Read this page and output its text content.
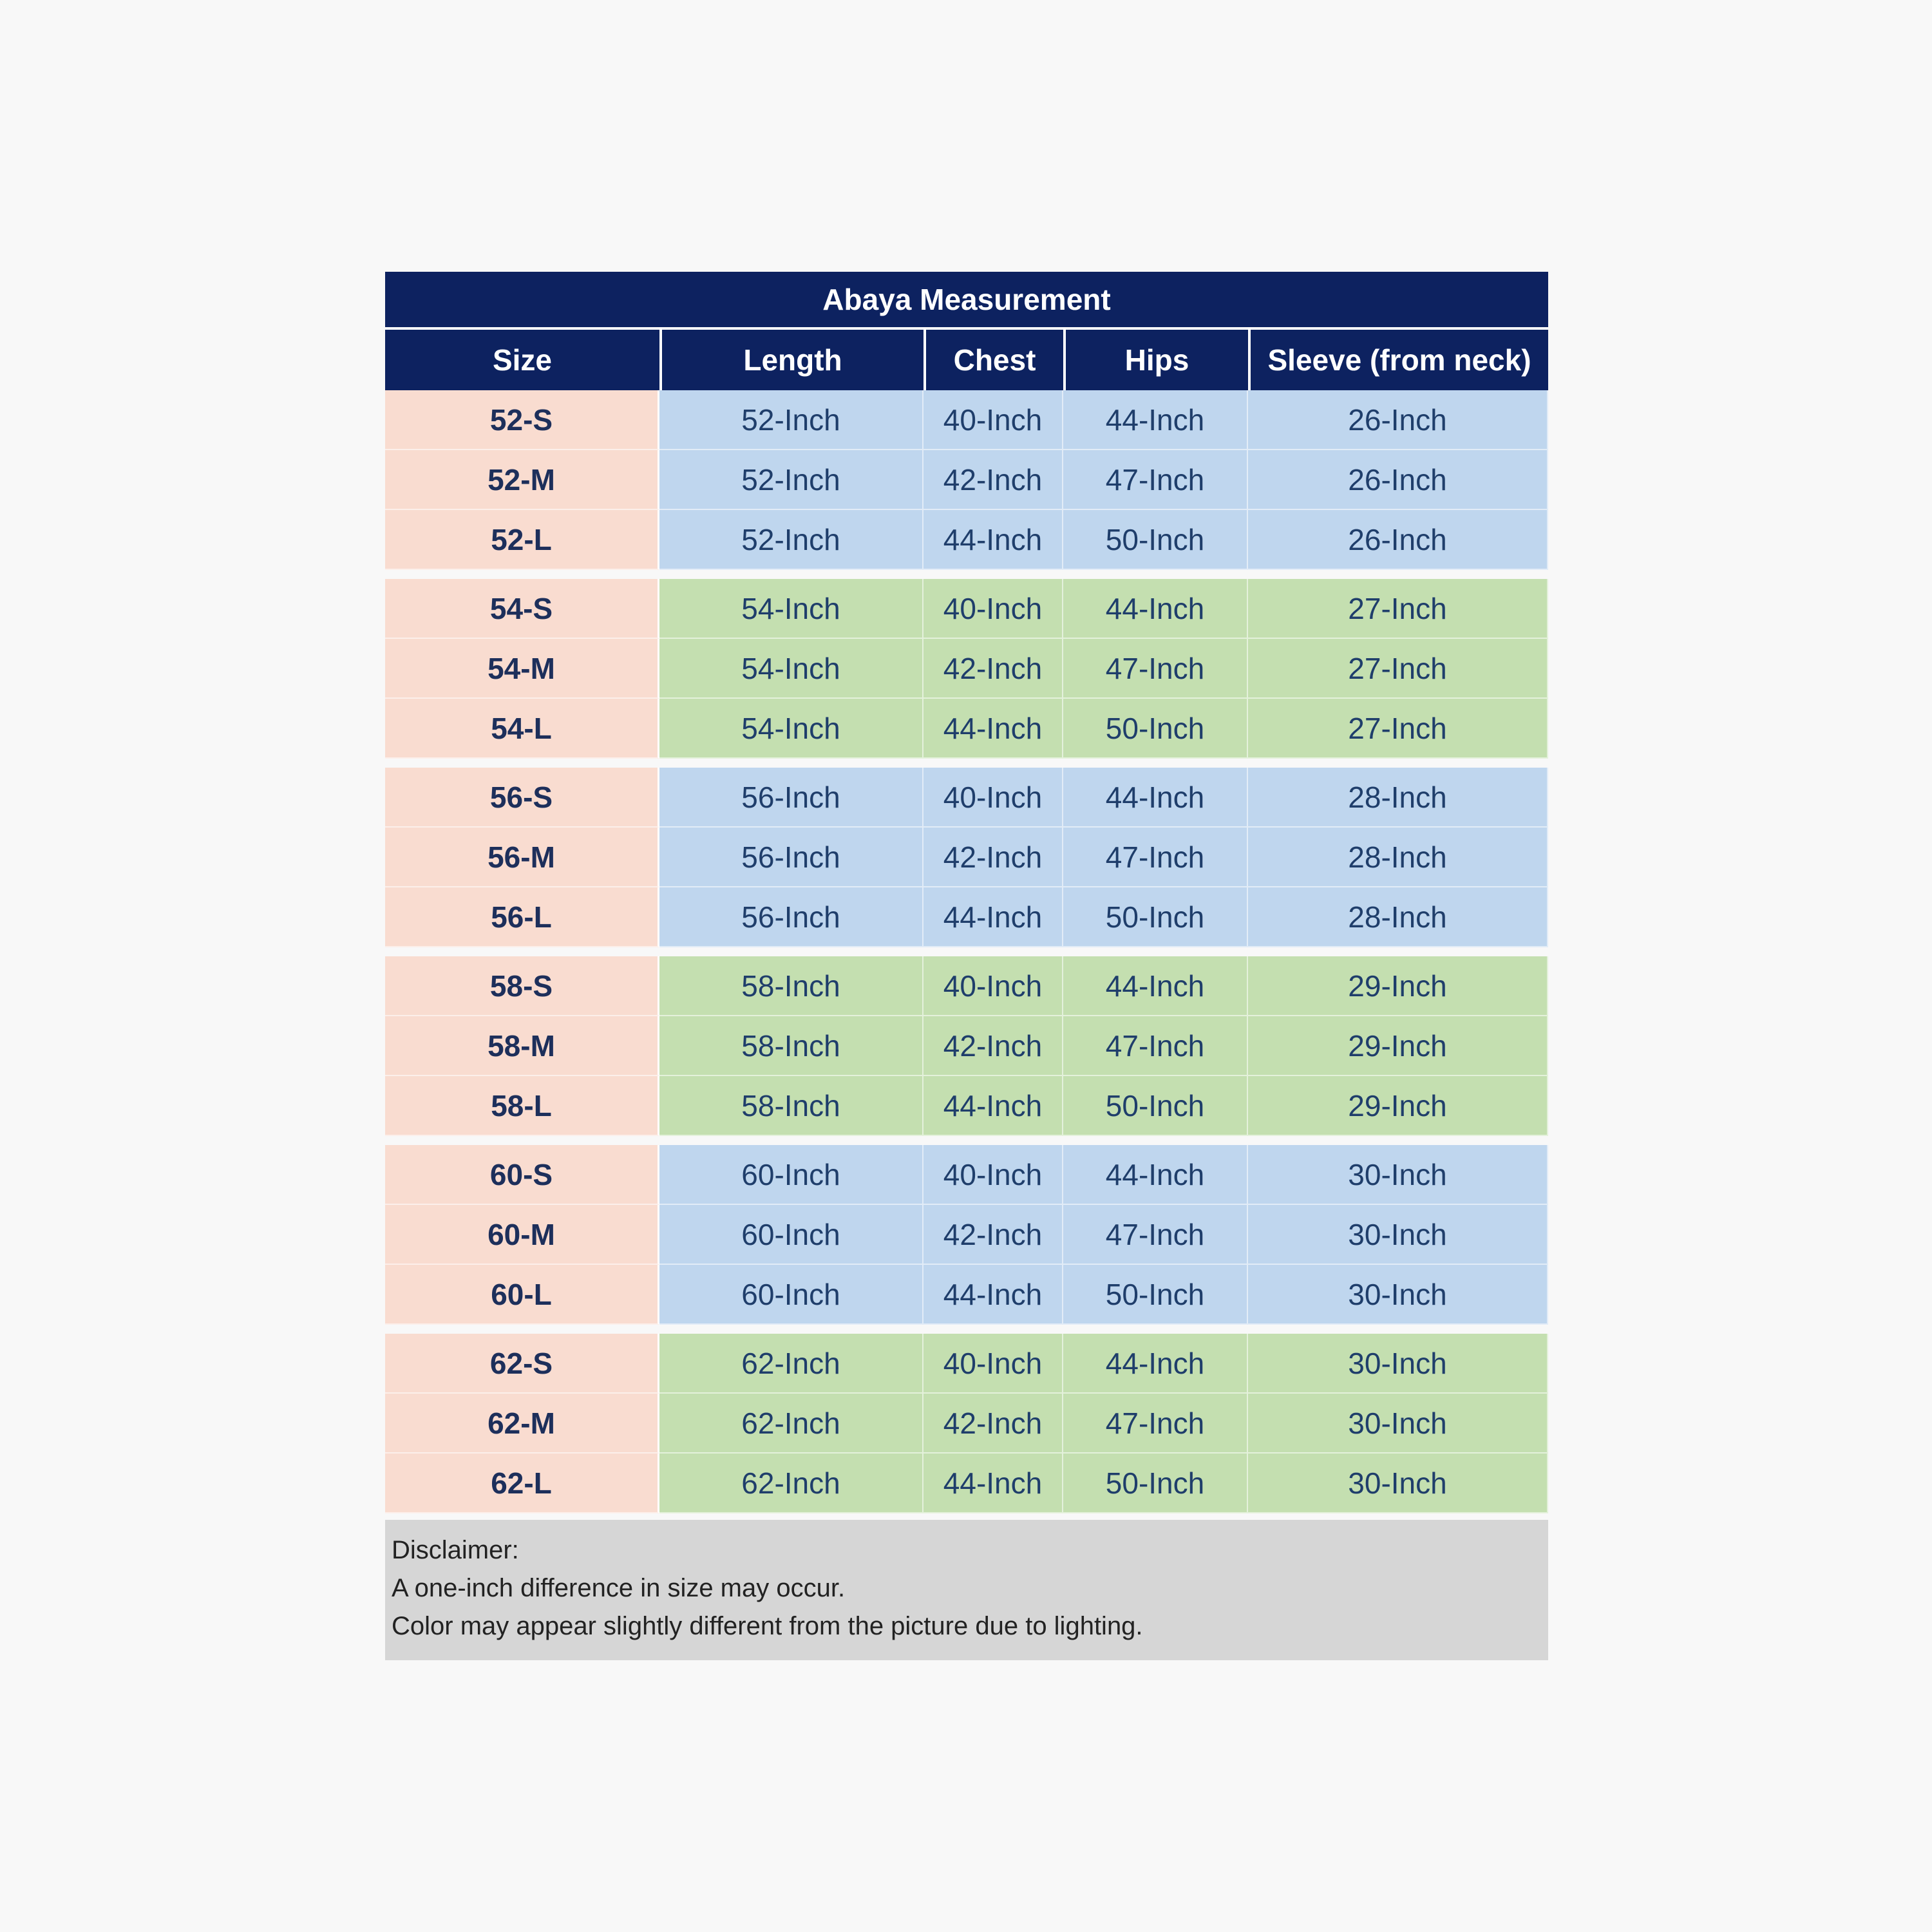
Abaya Measurement
Size	Length	Chest	Hips	Sleeve (from neck)
52-S	52-Inch	40-Inch	44-Inch	26-Inch
52-M	52-Inch	42-Inch	47-Inch	26-Inch
52-L	52-Inch	44-Inch	50-Inch	26-Inch
54-S	54-Inch	40-Inch	44-Inch	27-Inch
54-M	54-Inch	42-Inch	47-Inch	27-Inch
54-L	54-Inch	44-Inch	50-Inch	27-Inch
56-S	56-Inch	40-Inch	44-Inch	28-Inch
56-M	56-Inch	42-Inch	47-Inch	28-Inch
56-L	56-Inch	44-Inch	50-Inch	28-Inch
58-S	58-Inch	40-Inch	44-Inch	29-Inch
58-M	58-Inch	42-Inch	47-Inch	29-Inch
58-L	58-Inch	44-Inch	50-Inch	29-Inch
60-S	60-Inch	40-Inch	44-Inch	30-Inch
60-M	60-Inch	42-Inch	47-Inch	30-Inch
60-L	60-Inch	44-Inch	50-Inch	30-Inch
62-S	62-Inch	40-Inch	44-Inch	30-Inch
62-M	62-Inch	42-Inch	47-Inch	30-Inch
62-L	62-Inch	44-Inch	50-Inch	30-Inch
Disclaimer:
A one-inch difference in size may occur.
Color may appear slightly different from the picture due to lighting.
